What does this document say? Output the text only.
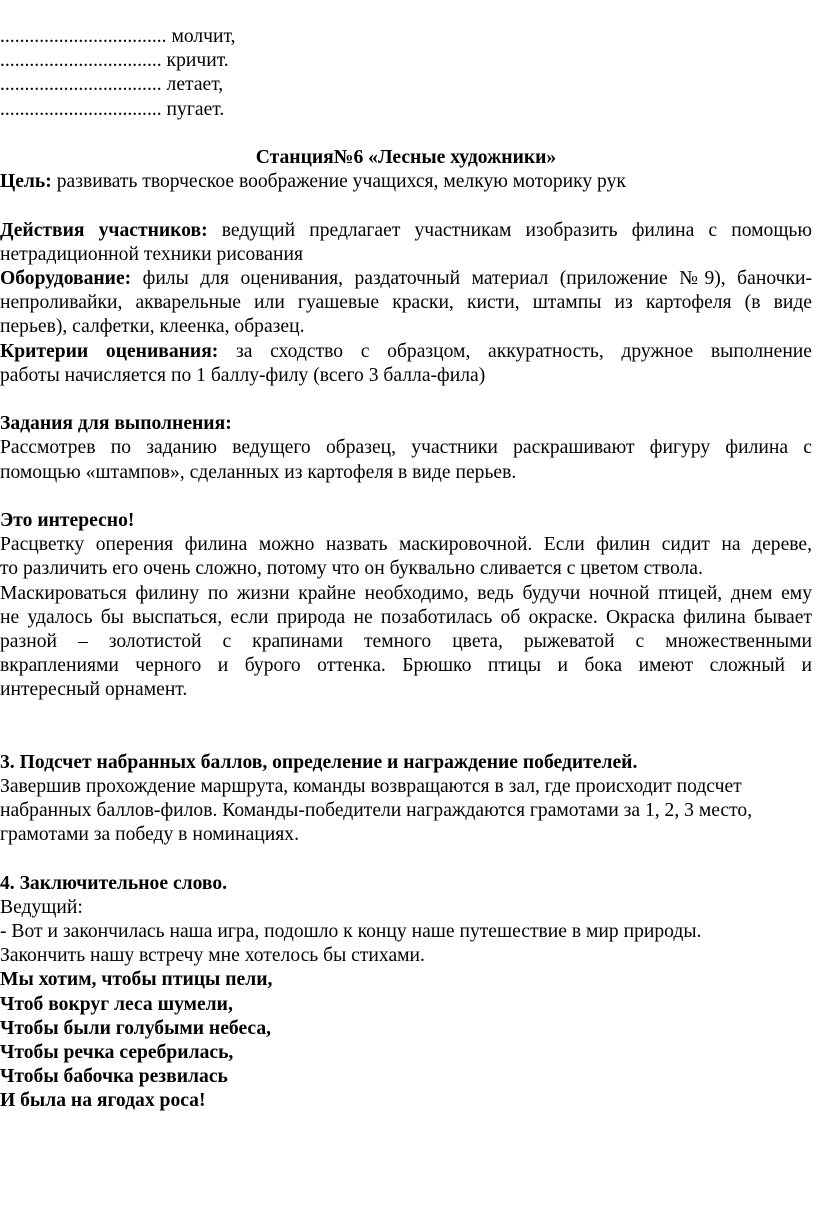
.................................. молчит,

................................. кричит.

................................. летает,

................................. пугает.

Станция№6 «Лесные художники»

Цель: развивать творческое воображение учащихся, мелкую моторику рук

Действия участников: ведущий предлагает участникам изобразить филина с помощью

нетрадиционной техники рисования

Оборудование: филы для оценивания, раздаточный материал (приложение №9), баночки-

непроливайки, акварельные или гуашевые краски, кисти, штампы из картофеля (в виде

перьев), салфетки, клеенка, образец.

Критерии оценивания: за сходство с образцом, аккуратность, дружное выполнение

работы начисляется по 1 баллу-филу (всего 3 балла-фила)

Задания для выполнения:

Рассмотрев по заданию ведущего образец, участники раскрашивают фигуру филина с

помощью «штампов», сделанных из картофеля в виде перьев.

Это интересно!

Расцветку оперения филина можно назвать маскировочной. Если филин сидит на дереве,

то различить его очень сложно, потому что он буквально сливается с цветом ствола.

Маскироваться филину по жизни крайне необходимо, ведь будучи ночной птицей, днем ему

не удалось бы выспаться, если природа не позаботилась об окраске. Окраска филина бывает

разной – золотистой с крапинами темного цвета, рыжеватой с множественными

вкраплениями черного и бурого оттенка. Брюшко птицы и бока имеют сложный и

интересный орнамент.

3. Подсчет набранных баллов, определение и награждение победителей.

Завершив прохождение маршрута, команды возвращаются в зал, где происходит подсчет

набранных баллов-филов. Команды-победители награждаются грамотами за 1, 2, 3 место,

грамотами за победу в номинациях.

4. Заключительное слово.

Ведущий:

- Вот и закончилась наша игра, подошло к концу наше путешествие в мир природы.

Закончить нашу встречу мне хотелось бы стихами.

Мы хотим, чтобы птицы пели,

Чтоб вокруг леса шумели,

Чтобы были голубыми небеса,

Чтобы речка серебрилась,

Чтобы бабочка резвилась

И была на ягодах роса!
